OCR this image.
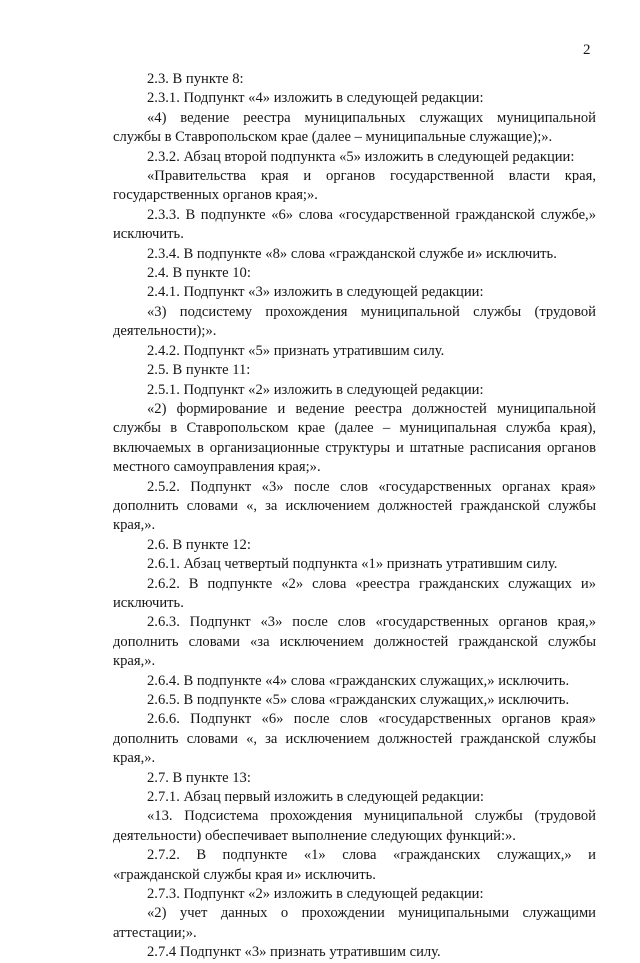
2

2.3. В пункте 8:

2.3.1. Подпункт «4» изложить в следующей редакции:

«4) ведение реестра муниципальных служащих муниципальной службы в Ставропольском крае (далее – муниципальные служащие);».

2.3.2. Абзац второй подпункта «5» изложить в следующей редакции:

«Правительства края и органов государственной власти края, государственных органов края;».

2.3.3. В подпункте «6» слова «государственной гражданской службе,» исключить.

2.3.4. В подпункте «8» слова «гражданской службе и» исключить.

2.4. В пункте 10:

2.4.1. Подпункт «3» изложить в следующей редакции:

«3) подсистему прохождения муниципальной службы (трудовой деятельности);».

2.4.2. Подпункт «5» признать утратившим силу.

2.5. В пункте 11:

2.5.1. Подпункт «2» изложить в следующей редакции:

«2) формирование и ведение реестра должностей муниципальной службы в Ставропольском крае (далее – муниципальная служба края), включаемых в организационные структуры и штатные расписания органов местного самоуправления края;».

2.5.2. Подпункт «3» после слов «государственных органах края» дополнить словами «, за исключением должностей гражданской службы края,».

2.6. В пункте 12:

2.6.1. Абзац четвертый подпункта «1» признать утратившим силу.

2.6.2. В подпункте «2» слова «реестра гражданских служащих и» исключить.

2.6.3. Подпункт «3» после слов «государственных органов края,» дополнить словами «за исключением должностей гражданской службы края,».

2.6.4. В подпункте «4» слова «гражданских служащих,» исключить.

2.6.5. В подпункте «5» слова «гражданских служащих,» исключить.

2.6.6. Подпункт «6» после слов «государственных органов края» дополнить словами «, за исключением должностей гражданской службы края,».

2.7. В пункте 13:

2.7.1. Абзац первый изложить в следующей редакции:

«13. Подсистема прохождения муниципальной службы (трудовой деятельности) обеспечивает выполнение следующих функций:».

2.7.2. В подпункте «1» слова «гражданских служащих,» и «гражданской службы края и» исключить.

2.7.3. Подпункт «2» изложить в следующей редакции:

«2) учет данных о прохождении муниципальными служащими аттестации;».

2.7.4 Подпункт «3» признать утратившим силу.
